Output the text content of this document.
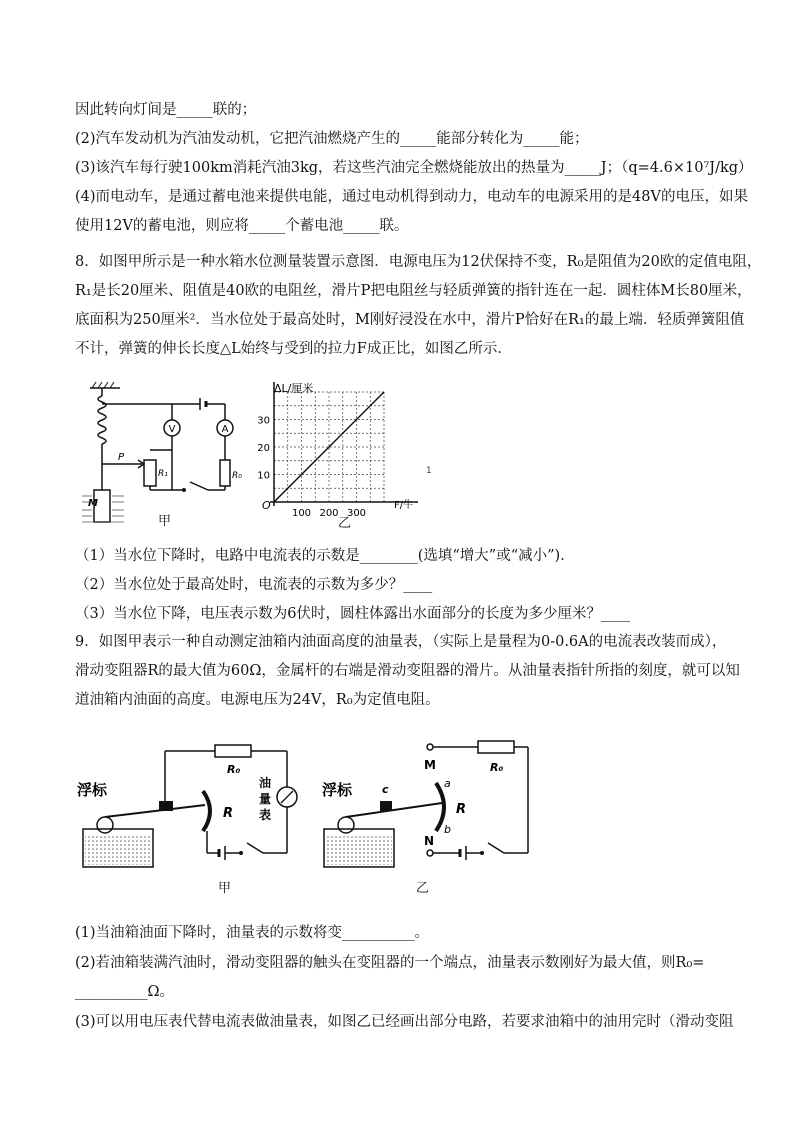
因此转向灯间是_____联的；
(2)汽车发动机为汽油发动机，它把汽油燃烧产生的_____能部分转化为_____能；
(3)该汽车每行驶100km消耗汽油3kg，若这些汽油完全燃烧能放出的热量为_____J；（q=4.6×10⁷J/kg）
(4)而电动车，是通过蓄电池来提供电能，通过电动机得到动力，电动车的电源采用的是48V的电压，如果
使用12V的蓄电池，则应将_____个蓄电池_____联。
8．如图甲所示是一种水箱水位测量装置示意图．电源电压为12伏保持不变，R₀是阻值为20欧的定值电阻，
R₁是长20厘米、阻值是40欧的电阻丝，滑片P把电阻丝与轻质弹簧的指针连在一起．圆柱体M长80厘米，
底面积为250厘米²．当水位处于最高处时，M刚好浸没在水中，滑片P恰好在R₁的最上端．轻质弹簧阻值
不计，弹簧的伸长长度△L始终与受到的拉力F成正比，如图乙所示．
A
R₀
V
R₁
P
M
甲
ΔL/厘米
F/牛
O
10
20
30
100 200 300
1
乙
（1）当水位下降时，电路中电流表的示数是________(选填“增大”或“减小”)．
（2）当水位处于最高处时，电流表的示数为多少？____
（3）当水位下降，电压表示数为6伏时，圆柱体露出水面部分的长度为多少厘米？____
9．如图甲表示一种自动测定油箱内油面高度的油量表，（实际上是量程为0-0.6A的电流表改装而成），
滑动变阻器R的最大值为60Ω，金属杆的右端是滑动变阻器的滑片。从油量表指针所指的刻度，就可以知
道油箱内油面的高度。电源电压为24V，R₀为定值电阻。
R₀
油
量
表
R
浮标
甲
M	R₀
N
a
R
b
c
浮标
乙
(1)当油箱油面下降时，油量表的示数将变__________。
(2)若油箱装满汽油时，滑动变阻器的触头在变阻器的一个端点，油量表示数刚好为最大值，则R₀=
__________Ω。
(3)可以用电压表代替电流表做油量表，如图乙已经画出部分电路，若要求油箱中的油用完时（滑动变阻
